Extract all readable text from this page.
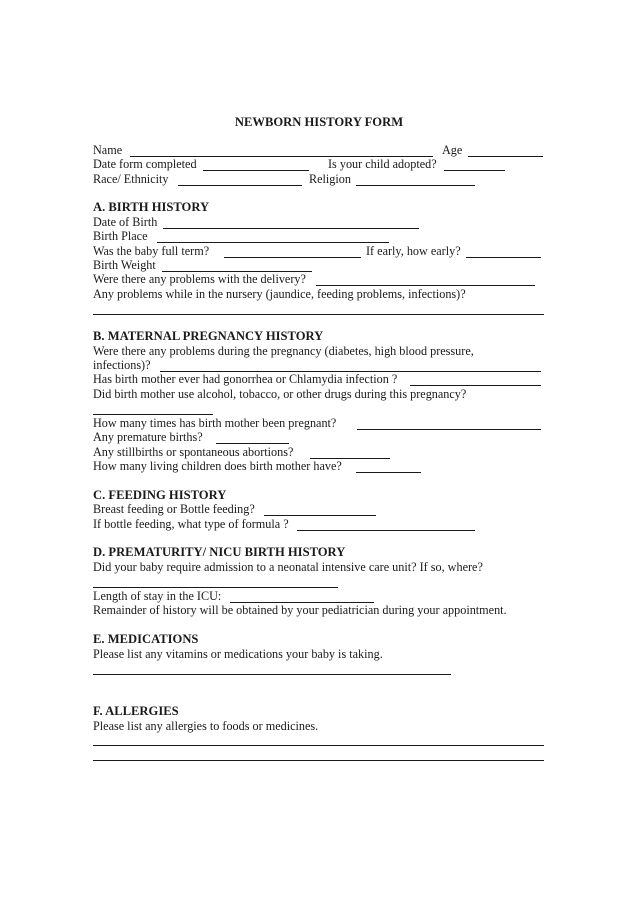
NEWBORN HISTORY FORM
Name	Age
Date form completed	Is your child adopted?
Race/ Ethnicity	Religion
A. BIRTH HISTORY
Date of Birth
Birth Place
Was the baby full term?	If early, how early?
Birth Weight
Were there any problems with the delivery?
Any problems while in the nursery (jaundice, feeding problems, infections)?
B. MATERNAL PREGNANCY HISTORY
Were there any problems during the pregnancy (diabetes, high blood pressure,
infections)?
Has birth mother ever had gonorrhea or Chlamydia infection ?
Did birth mother use alcohol, tobacco, or other drugs during this pregnancy?
How many times has birth mother been pregnant?
Any premature births?
Any stillbirths or spontaneous abortions?
How many living children does birth mother have?
C. FEEDING HISTORY
Breast feeding or Bottle feeding?
If bottle feeding, what type of formula ?
D. PREMATURITY/ NICU BIRTH HISTORY
Did your baby require admission to a neonatal intensive care unit? If so, where?
Length of stay in the ICU:
Remainder of history will be obtained by your pediatrician during your appointment.
E. MEDICATIONS
Please list any vitamins or medications your baby is taking.
F. ALLERGIES
Please list any allergies to foods or medicines.
